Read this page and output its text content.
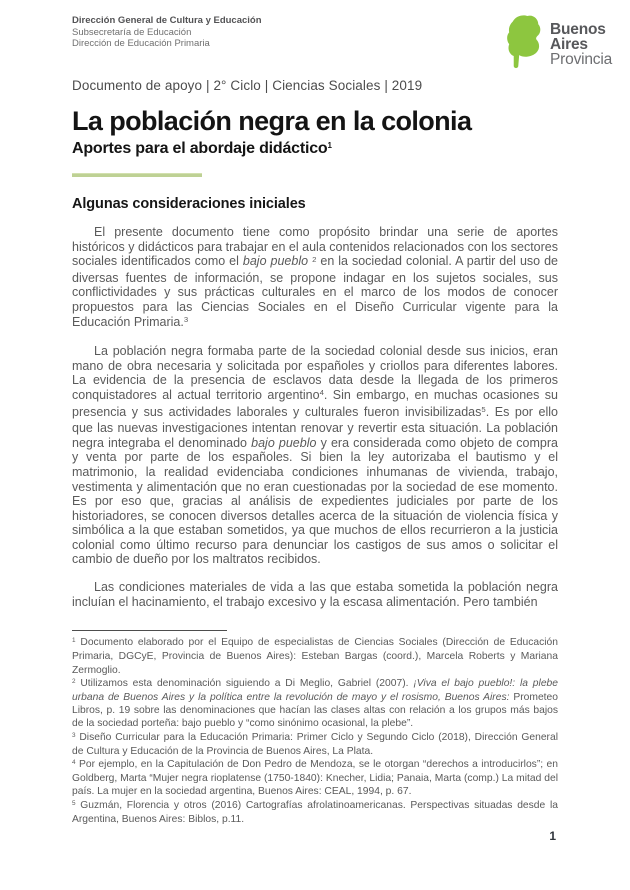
Dirección General de Cultura y Educación
Subsecretaría de Educación
Dirección de Educación Primaria
Buenos
Aires
Provincia
Documento de apoyo | 2° Ciclo | Ciencias Sociales | 2019
La población negra en la colonia
Aportes para el abordaje didáctico$^1$
Algunas consideraciones iniciales

El presente documento tiene como propósito brindar una serie de aportes históricos y didácticos para trabajar en el aula contenidos relacionados con los sectores sociales identificados como el bajo pueblo $^2$ en la sociedad colonial. A partir del uso de diversas fuentes de información, se propone indagar en los sujetos sociales, sus conflictividades y sus prácticas culturales en el marco de los modos de conocer propuestos para las Ciencias Sociales en el Diseño Curricular vigente para la Educación Primaria.$^3$

La población negra formaba parte de la sociedad colonial desde sus inicios, eran mano de obra necesaria y solicitada por españoles y criollos para diferentes labores. La evidencia de la presencia de esclavos data desde la llegada de los primeros conquistadores al actual territorio argentino$^4$. Sin embargo, en muchas ocasiones su presencia y sus actividades laborales y culturales fueron invisibilizadas$^5$. Es por ello que las nuevas investigaciones intentan renovar y revertir esta situación. La población negra integraba el denominado bajo pueblo y era considerada como objeto de compra y venta por parte de los españoles. Si bien la ley autorizaba el bautismo y el matrimonio, la realidad evidenciaba condiciones inhumanas de vivienda, trabajo, vestimenta y alimentación que no eran cuestionadas por la sociedad de ese momento. Es por eso que, gracias al análisis de expedientes judiciales por parte de los historiadores, se conocen diversos detalles acerca de la situación de violencia física y simbólica a la que estaban sometidos, ya que muchos de ellos recurrieron a la justicia colonial como último recurso para denunciar los castigos de sus amos o solicitar el cambio de dueño por los maltratos recibidos.

Las condiciones materiales de vida a las que estaba sometida la población negra incluían el hacinamiento, el trabajo excesivo y la escasa alimentación. Pero también

$^1$ Documento elaborado por el Equipo de especialistas de Ciencias Sociales (Dirección de Educación Primaria, DGCyE, Provincia de Buenos Aires): Esteban Bargas (coord.), Marcela Roberts y Mariana Zermoglio.
$^2$ Utilizamos esta denominación siguiendo a Di Meglio, Gabriel (2007). ¡Viva el bajo pueblo!: la plebe urbana de Buenos Aires y la política entre la revolución de mayo y el rosismo, Buenos Aires: Prometeo Libros, p. 19 sobre las denominaciones que hacían las clases altas con relación a los grupos más bajos de la sociedad porteña: bajo pueblo y “como sinónimo ocasional, la plebe”.
$^3$ Diseño Curricular para la Educación Primaria: Primer Ciclo y Segundo Ciclo (2018), Dirección General de Cultura y Educación de la Provincia de Buenos Aires, La Plata.
$^4$ Por ejemplo, en la Capitulación de Don Pedro de Mendoza, se le otorgan “derechos a introducirlos”; en Goldberg, Marta “Mujer negra rioplatense (1750-1840): Knecher, Lidia; Panaia, Marta (comp.) La mitad del país. La mujer en la sociedad argentina, Buenos Aires: CEAL, 1994, p. 67.
$^5$ Guzmán, Florencia y otros (2016) Cartografías afrolatinoamericanas. Perspectivas situadas desde la Argentina, Buenos Aires: Biblos, p.11.
1
